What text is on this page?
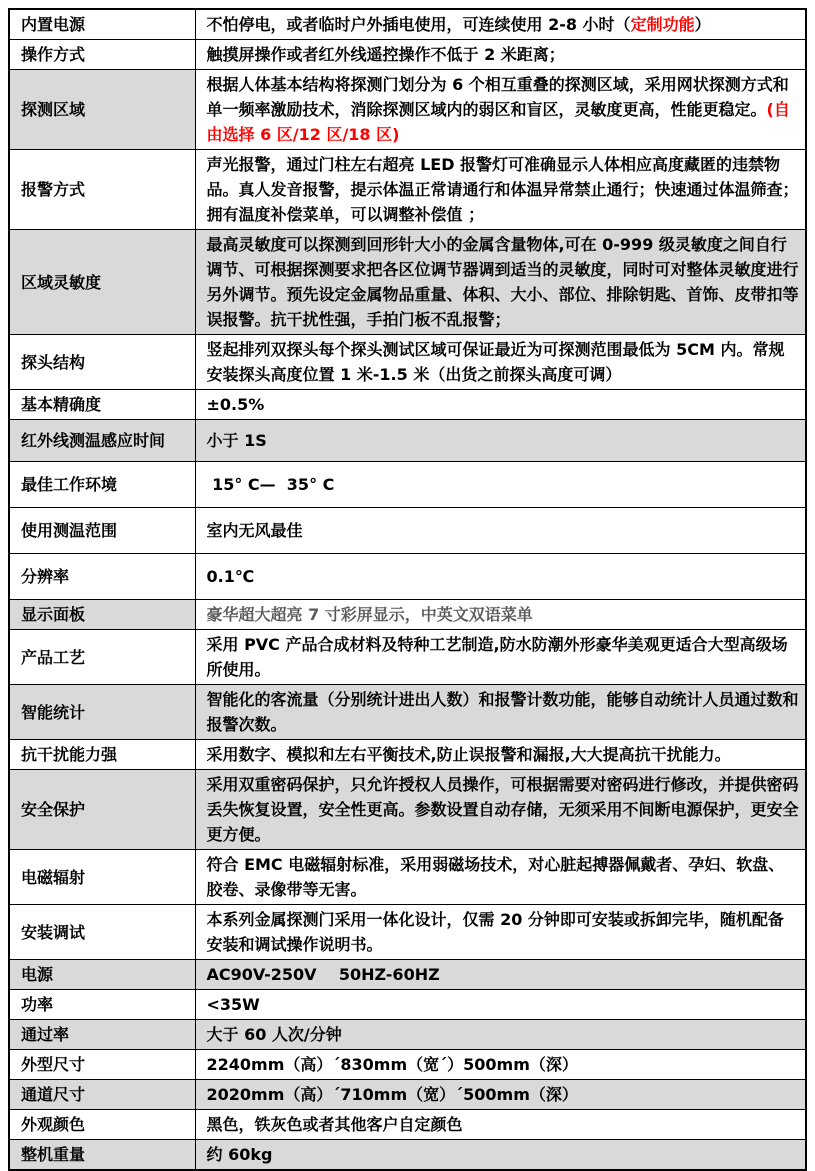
内置电源	不怕停电，或者临时户外插电使用，可连续使用 2-8 小时（定制功能）
操作方式	触摸屏操作或者红外线遥控操作不低于 2 米距离；
探测区域	根据人体基本结构将探测门划分为 6 个相互重叠的探测区域，采用网状探测方式和单一频率激励技术，消除探测区域内的弱区和盲区，灵敏度更高，性能更稳定。(自由选择 6 区/12 区/18 区)
报警方式	声光报警，通过门柱左右超亮 LED 报警灯可准确显示人体相应高度藏匿的违禁物品。真人发音报警，提示体温正常请通行和体温异常禁止通行；快速通过体温筛查；拥有温度补偿菜单，可以调整补偿值 ；
区域灵敏度	最高灵敏度可以探测到回形针大小的金属含量物体,可在 0-999 级灵敏度之间自行调节、可根据探测要求把各区位调节器调到适当的灵敏度，同时可对整体灵敏度进行另外调节。预先设定金属物品重量、体积、大小、部位、排除钥匙、首饰、皮带扣等误报警。抗干扰性强，手拍门板不乱报警；
探头结构	竖起排列双探头每个探头测试区域可保证最近为可探测范围最低为 5CM 内。常规安装探头高度位置 1 米-1.5 米（出货之前探头高度可调）
基本精确度	±0.5%
红外线测温感应时间	小于 1S
最佳工作环境	15° C—  35° C
使用测温范围	室内无风最佳
分辨率	0.1℃
显示面板	豪华超大超亮 7 寸彩屏显示，中英文双语菜单
产品工艺	采用 PVC 产品合成材料及特种工艺制造,防水防潮外形豪华美观更适合大型高级场所使用。
智能统计	智能化的客流量（分别统计进出人数）和报警计数功能，能够自动统计人员通过数和报警次数。
抗干扰能力强	采用数字、模拟和左右平衡技术,防止误报警和漏报,大大提高抗干扰能力。
安全保护	采用双重密码保护，只允许授权人员操作，可根据需要对密码进行修改，并提供密码丢失恢复设置，安全性更高。参数设置自动存储，无须采用不间断电源保护，更安全更方便。
电磁辐射	符合 EMC 电磁辐射标准，采用弱磁场技术，对心脏起搏器佩戴者、孕妇、软盘、胶卷、录像带等无害。
安装调试	本系列金属探测门采用一体化设计，仅需 20 分钟即可安装或拆卸完毕，随机配备安装和调试操作说明书。
电源	AC90V-250V    50HZ-60HZ
功率	<35W
通过率	大于 60 人次/分钟
外型尺寸	2240mm（高）´830mm（宽´）500mm（深）
通道尺寸	2020mm（高）´710mm（宽）´500mm（深）
外观颜色	黑色，铁灰色或者其他客户自定颜色
整机重量	约 60kg
